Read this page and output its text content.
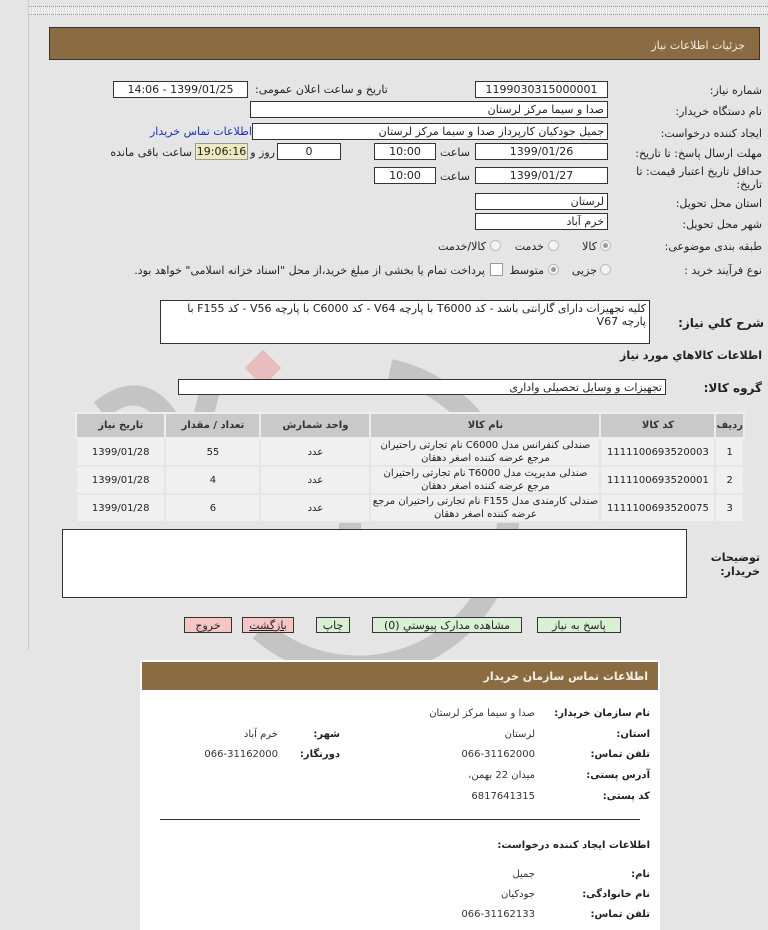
جزئیات اطلاعات نیاز
شماره نیاز:
1199030315000001
تاریخ و ساعت اعلان عمومی:
1399/01/25 - 14:06
نام دستگاه خریدار:
صدا و سیما مرکز لرستان
ایجاد کننده درخواست:
جمیل جودکیان کارپرداز صدا و سیما مرکز لرستان
اطلاعات تماس خریدار
مهلت ارسال پاسخ: تا تاریخ:
1399/01/26
ساعت
10:00
0
روز و
19:06:16
ساعت باقی مانده
حداقل تاریخ اعتبار قیمت: تا تاریخ:
1399/01/27
ساعت
10:00
استان محل تحویل:
لرستان
شهر محل تحویل:
خرم آباد
طبقه بندی موضوعی:
کالا
خدمت
کالا/خدمت
نوع فرآیند خرید :
جزیی
متوسط
پرداخت تمام یا بخشی از مبلغ خرید،از محل "اسناد خزانه اسلامی" خواهد بود.
شرح کلي نياز:
کلیه تجهیزات دارای گارانتی باشد - کد T6000 با پارچه V64 - کد C6000 با پارچه V56 - کد F155 با پارچه V67
اطلاعات کالاهاي مورد نياز
گروه کالا:
تجهیزات و وسایل تحصیلی واداری
ردیف	کد کالا	نام کالا	واحد شمارش	تعداد / مقدار	تاریخ نیاز
1	1111100693520003	صندلی کنفرانس مدل C6000 نام تجارتی راحتیران مرجع عرضه کننده اصغر دهقان	عدد	55	1399/01/28
2	1111100693520001	صندلی مدیریت مدل T6000 نام تجارتی راحتیران مرجع عرضه کننده اصغر دهقان	عدد	4	1399/01/28
3	1111100693520075	صندلی کارمندی مدل F155 نام تجارتی راحتیران مرجع عرضه کننده اصغر دهقان	عدد	6	1399/01/28
توضیحات خریدار:
پاسخ به نیاز
مشاهده مدارک پیوستي (0)
چاپ
بازگشت
خروج
اطلاعات تماس سازمان خریدار
نام سازمان خریدار:
صدا و سیما مرکز لرستان
استان:
لرستان
شهر:
خرم آباد
تلفن تماس:
066-31162000
دورنگار:
066-31162000
آدرس پستی:
میدان 22 بهمن،
کد پستی:
6817641315
اطلاعات ایجاد کننده درخواست:
نام:
جمیل
نام خانوادگی:
جودکیان
تلفن تماس:
066-31162133
